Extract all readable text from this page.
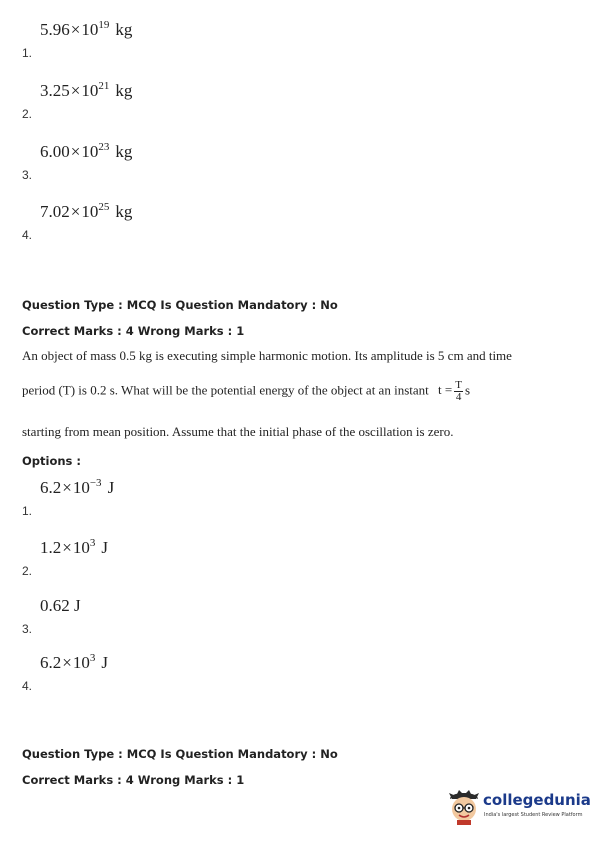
1.
$5.96\times 10^{19}$ kg
2.
$3.25\times 10^{21}$ kg
3.
$6.00\times 10^{23}$ kg
4.
$7.02\times 10^{25}$ kg
Question Type : MCQ Is Question Mandatory : No
Correct Marks : 4 Wrong Marks : 1
An object of mass 0.5 kg is executing simple harmonic motion. Its amplitude is 5 cm and time
period (T) is 0.2 s. What will be the potential energy of the object at an instant $t = \frac{T}{4}$ s
starting from mean position. Assume that the initial phase of the oscillation is zero.
Options :
1.
$6.2\times 10^{-3}$ J
2.
$1.2\times 10^3$ J
3.
0.62 J
4.
$6.2\times 10^3$ J
Question Type : MCQ Is Question Mandatory : No
Correct Marks : 4 Wrong Marks : 1
collegedunia
India's largest Student Review Platform
